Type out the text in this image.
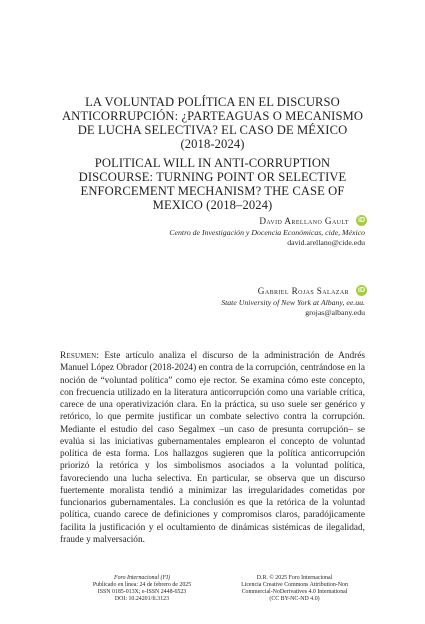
LA VOLUNTAD POLÍTICA EN EL DISCURSO ANTICORRUPCIÓN: ¿PARTEAGUAS O MECANISMO DE LUCHA SELECTIVA? EL CASO DE MÉXICO (2018-2024)
POLITICAL WILL IN ANTI-CORRUPTION DISCOURSE: TURNING POINT OR SELECTIVE ENFORCEMENT MECHANISM? THE CASE OF MEXICO (2018–2024)
David Arellano Gault iD
Centro de Investigación y Docencia Económicas, cide, México
david.arellano@cide.edu
Gabriel Rojas Salazar iD
State University of New York at Albany, ee.uu.
grojas@albany.edu
Resumen: Este artículo analiza el discurso de la administración de Andrés Manuel López Obrador (2018-2024) en contra de la corrupción, centrándose en la noción de “voluntad política” como eje rector. Se examina cómo este concepto, con frecuencia utilizado en la literatura anticorrupción como una variable crítica, carece de una operativización clara. En la práctica, su uso suele ser genérico y retórico, lo que permite justificar un combate selectivo contra la corrupción. Mediante el estudio del caso Segalmex –un caso de presunta corrupción– se evalúa si las iniciativas gubernamentales emplearon el concepto de voluntad política de esta forma. Los hallazgos sugieren que la política anticorrupción priorizó la retórica y los simbolismos asociados a la voluntad política, favoreciendo una lucha selectiva. En particular, se observa que un discurso fuertemente moralista tendió a minimizar las irregularidades cometidas por funcionarios gubernamentales. La conclusión es que la retórica de la voluntad política, cuando carece de definiciones y compromisos claros, paradójicamente facilita la justificación y el ocultamiento de dinámicas sistémicas de ilegalidad, fraude y malversación.
Foro Internacional (FI)
Publicado en línea: 24 de febrero de 2025
ISSN 0185-013X; e-ISSN 2448-6523
DOI: 10.24201/fi.3123
D.R. © 2025 Foro Internacional
Licencia Creative Commons Attribution-Non
Commercial-NoDerivatives 4.0 International
(CC BY-NC-ND 4.0)
